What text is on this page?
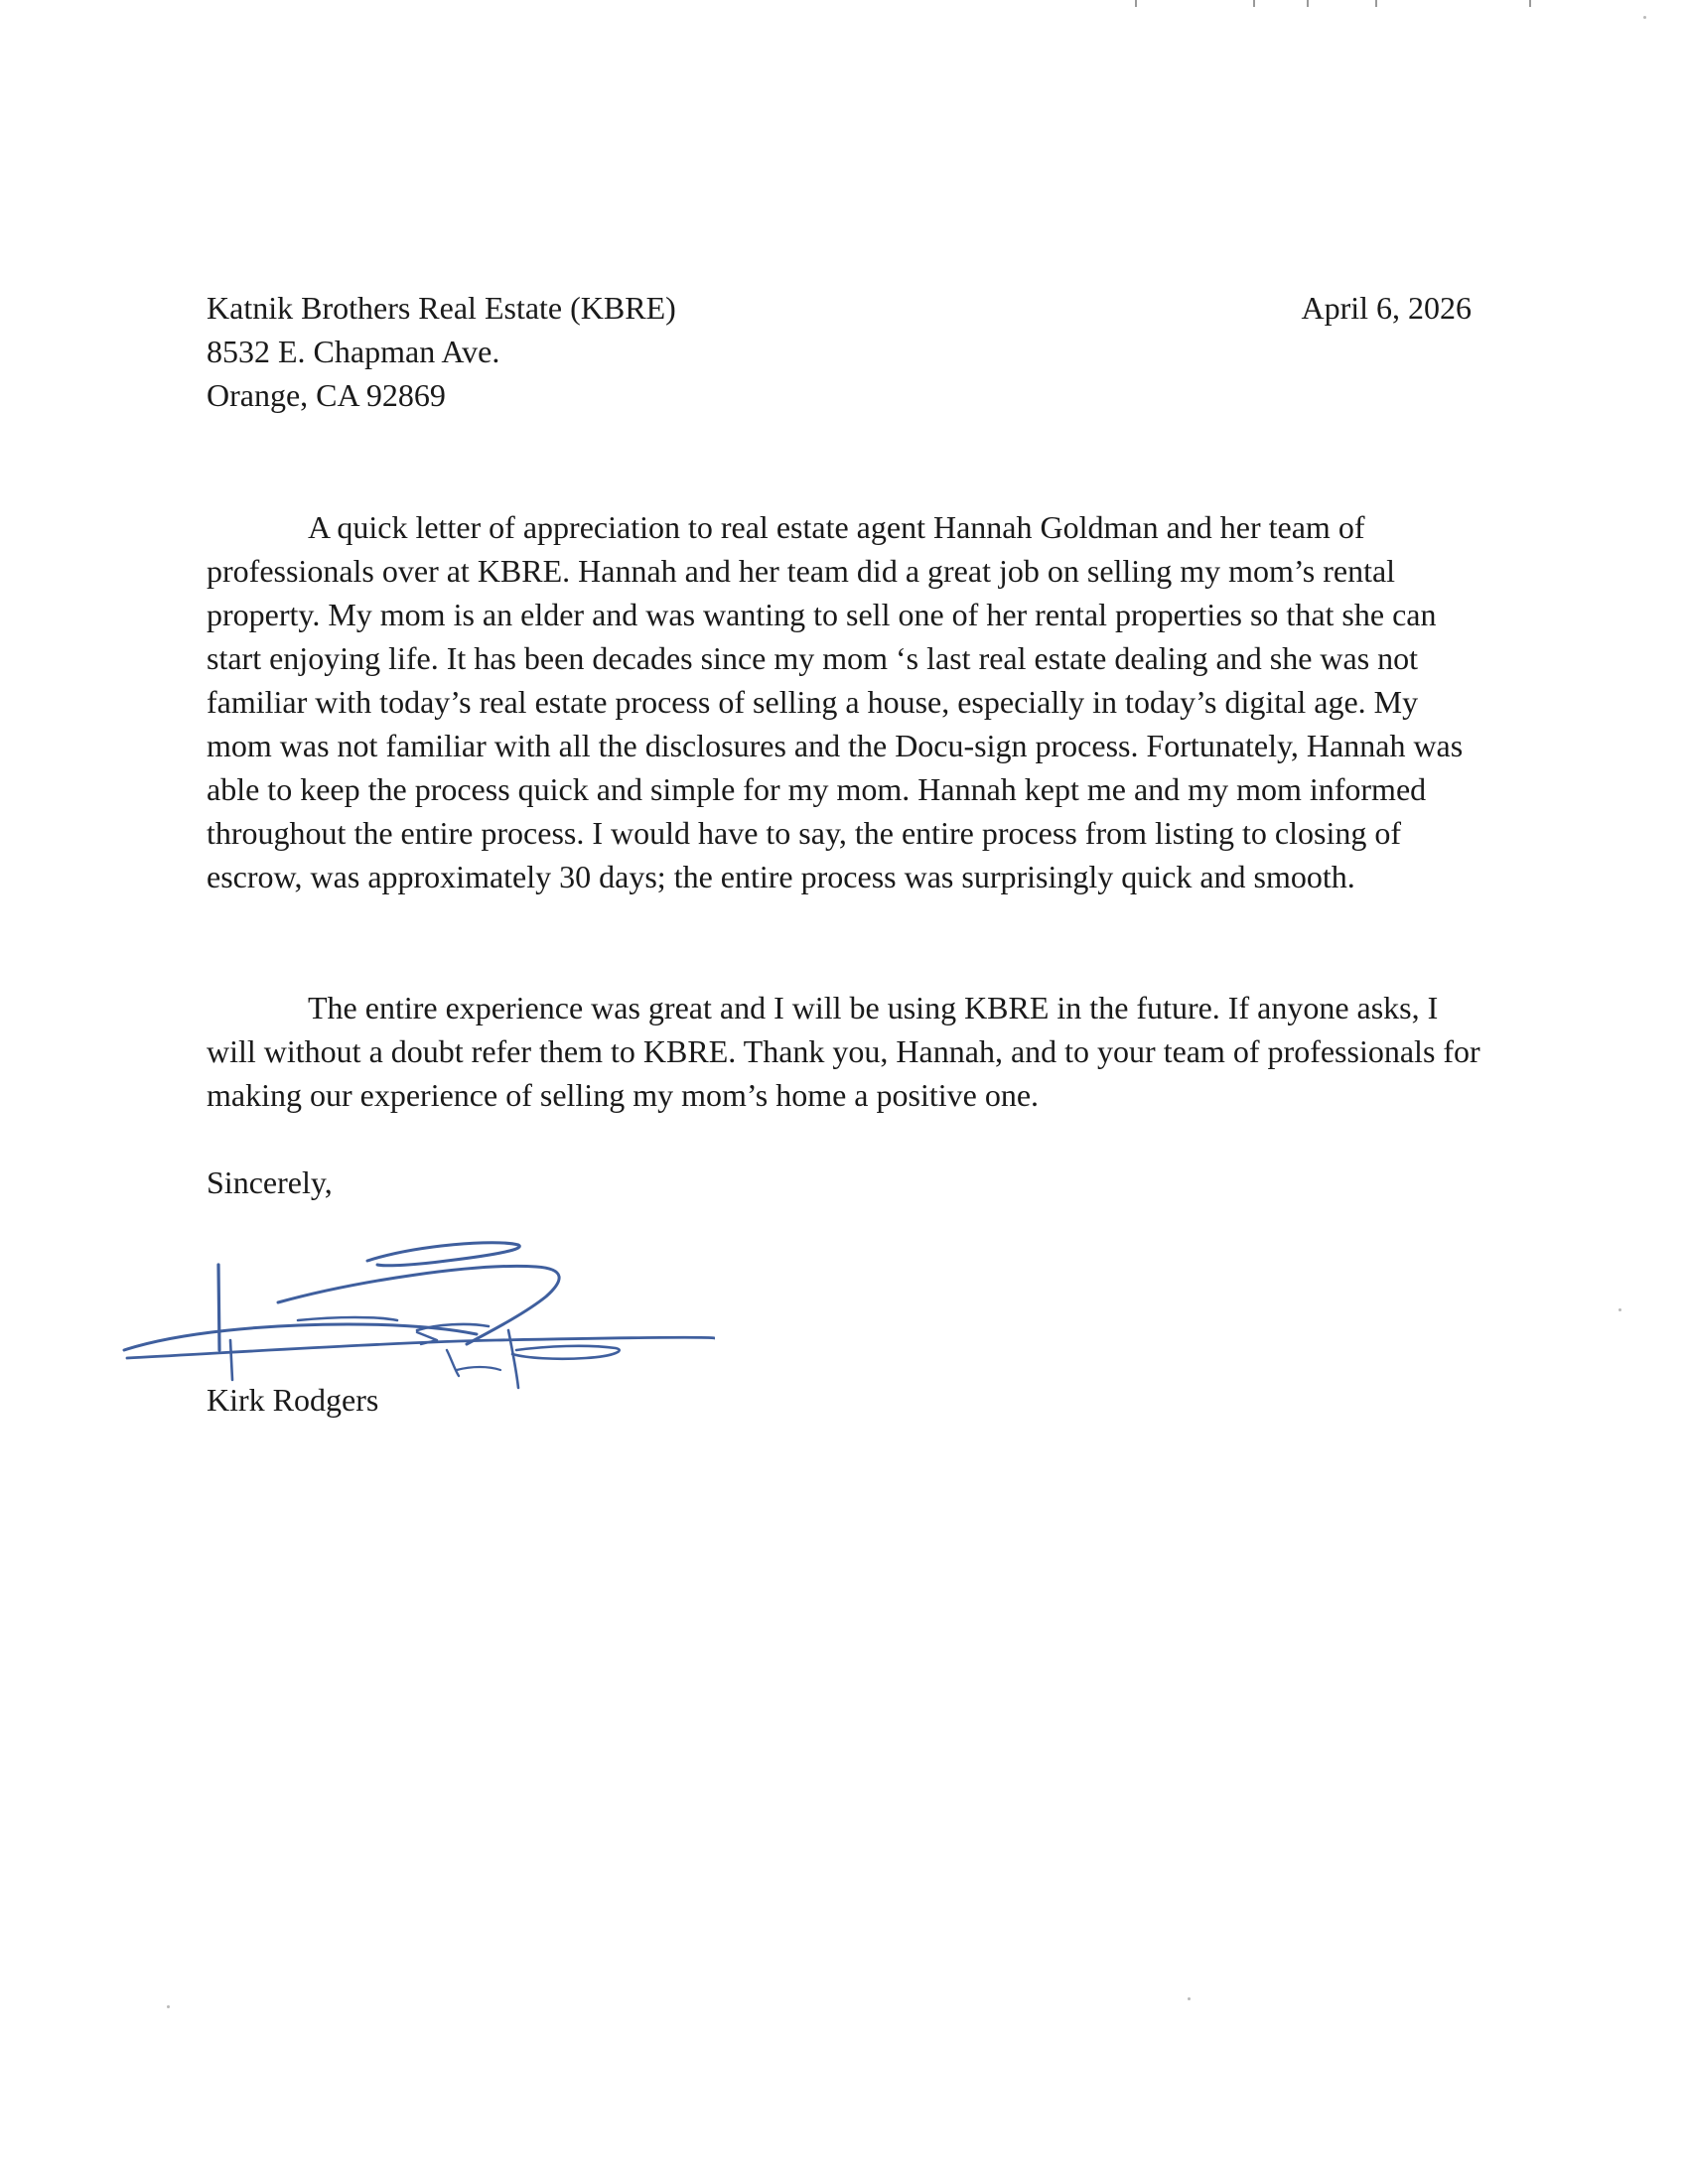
Katnik Brothers Real Estate (KBRE)
8532 E. Chapman Ave.
Orange, CA 92869
April 6, 2026

A quick letter of appreciation to real estate agent Hannah Goldman and her team of professionals over at KBRE. Hannah and her team did a great job on selling my mom’s rental property. My mom is an elder and was wanting to sell one of her rental properties so that she can start enjoying life. It has been decades since my mom ‘s last real estate dealing and she was not familiar with today’s real estate process of selling a house, especially in today’s digital age. My mom was not familiar with all the disclosures and the Docu-sign process. Fortunately, Hannah was able to keep the process quick and simple for my mom. Hannah kept me and my mom informed throughout the entire process. I would have to say, the entire process from listing to closing of escrow, was approximately 30 days; the entire process was surprisingly quick and smooth.

The entire experience was great and I will be using KBRE in the future. If anyone asks, I will without a doubt refer them to KBRE. Thank you, Hannah, and to your team of professionals for making our experience of selling my mom’s home a positive one.

Sincerely,
Kirk Rodgers
